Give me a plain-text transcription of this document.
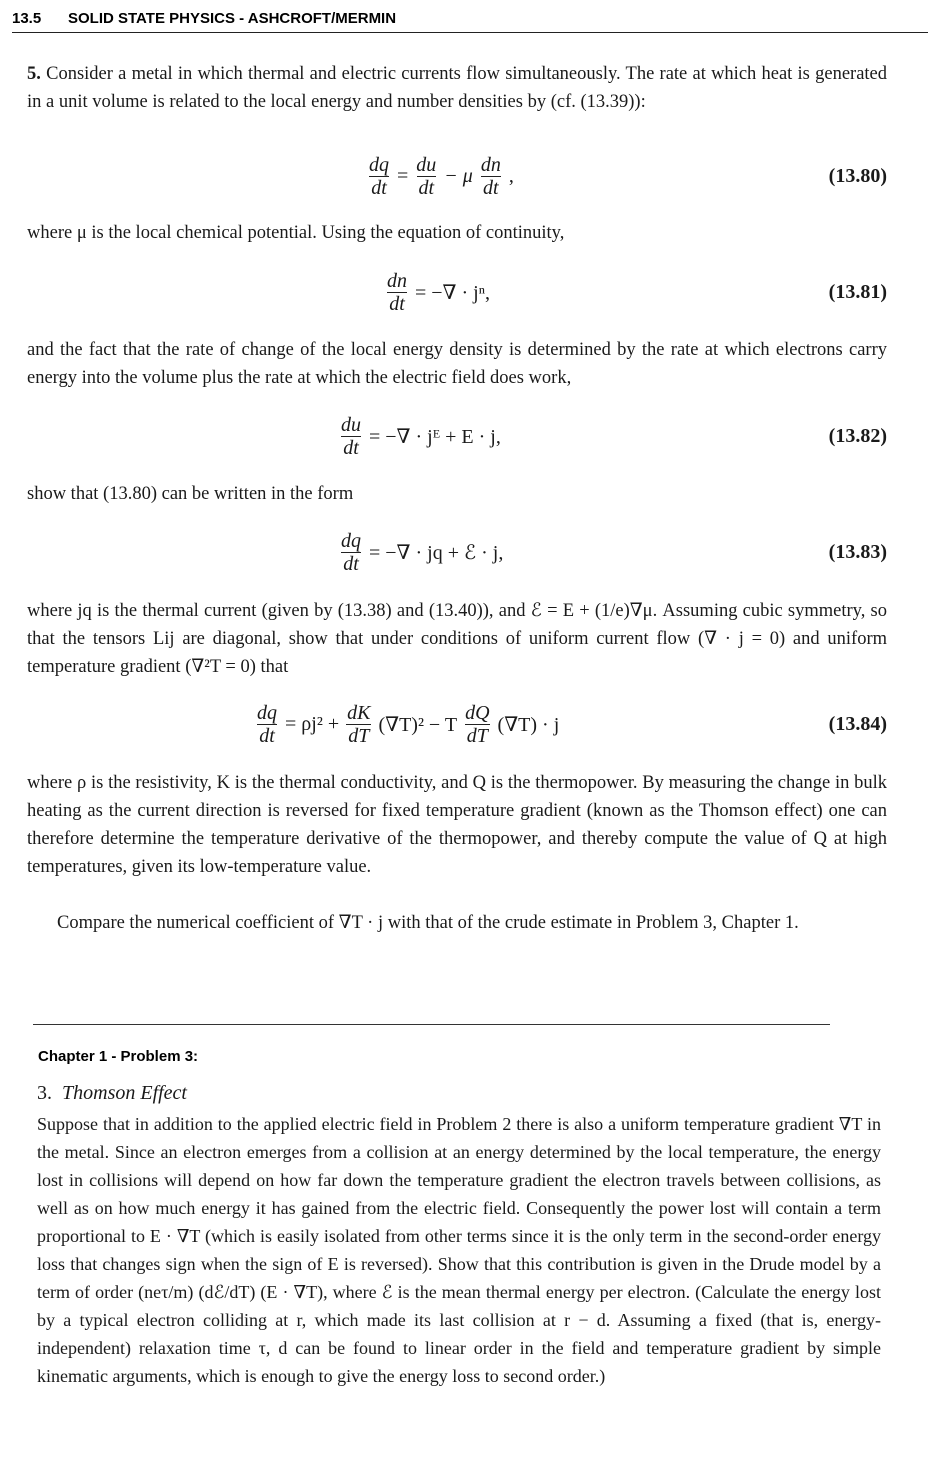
13.5 SOLID STATE PHYSICS - ASHCROFT/MERMIN
5. Consider a metal in which thermal and electric currents flow simultaneously. The rate at which heat is generated in a unit volume is related to the local energy and number densities by (cf. (13.39)):
$\frac{dq}{dt} = \frac{du}{dt} - \mu \frac{dn}{dt}$ ,	(13.80)
where μ is the local chemical potential. Using the equation of continuity,
$\frac{dn}{dt}$ = −∇ · jⁿ,	(13.81)
and the fact that the rate of change of the local energy density is determined by the rate at which electrons carry energy into the volume plus the rate at which the electric field does work,
$\frac{du}{dt}$ = −∇ · jᴱ + E · j,	(13.82)
show that (13.80) can be written in the form
$\frac{dq}{dt}$ = −∇ · jq + ℰ · j,	(13.83)
where jq is the thermal current (given by (13.38) and (13.40)), and ℰ = E + (1/e)∇μ. Assuming cubic symmetry, so that the tensors Lij are diagonal, show that under conditions of uniform current flow (∇ · j = 0) and uniform temperature gradient (∇²T = 0) that
$\frac{dq}{dt} = \rho j^2 + \frac{dK}{dT} (\nabla T)^2 - T \frac{dQ}{dT} (\nabla T) \cdot j$	(13.84)
where ρ is the resistivity, K is the thermal conductivity, and Q is the thermopower. By measuring the change in bulk heating as the current direction is reversed for fixed temperature gradient (known as the Thomson effect) one can therefore determine the temperature derivative of the thermopower, and thereby compute the value of Q at high temperatures, given its low-temperature value.
Compare the numerical coefficient of ∇T · j with that of the crude estimate in Problem 3, Chapter 1.
Chapter 1 - Problem 3:
3. Thomson Effect
Suppose that in addition to the applied electric field in Problem 2 there is also a uniform temperature gradient ∇T in the metal. Since an electron emerges from a collision at an energy determined by the local temperature, the energy lost in collisions will depend on how far down the temperature gradient the electron travels between collisions, as well as on how much energy it has gained from the electric field. Consequently the power lost will contain a term proportional to E · ∇T (which is easily isolated from other terms since it is the only term in the second-order energy loss that changes sign when the sign of E is reversed). Show that this contribution is given in the Drude model by a term of order (neτ/m) (dℰ/dT) (E · ∇T), where ℰ is the mean thermal energy per electron. (Calculate the energy lost by a typical electron colliding at r, which made its last collision at r − d. Assuming a fixed (that is, energy-independent) relaxation time τ, d can be found to linear order in the field and temperature gradient by simple kinematic arguments, which is enough to give the energy loss to second order.)
